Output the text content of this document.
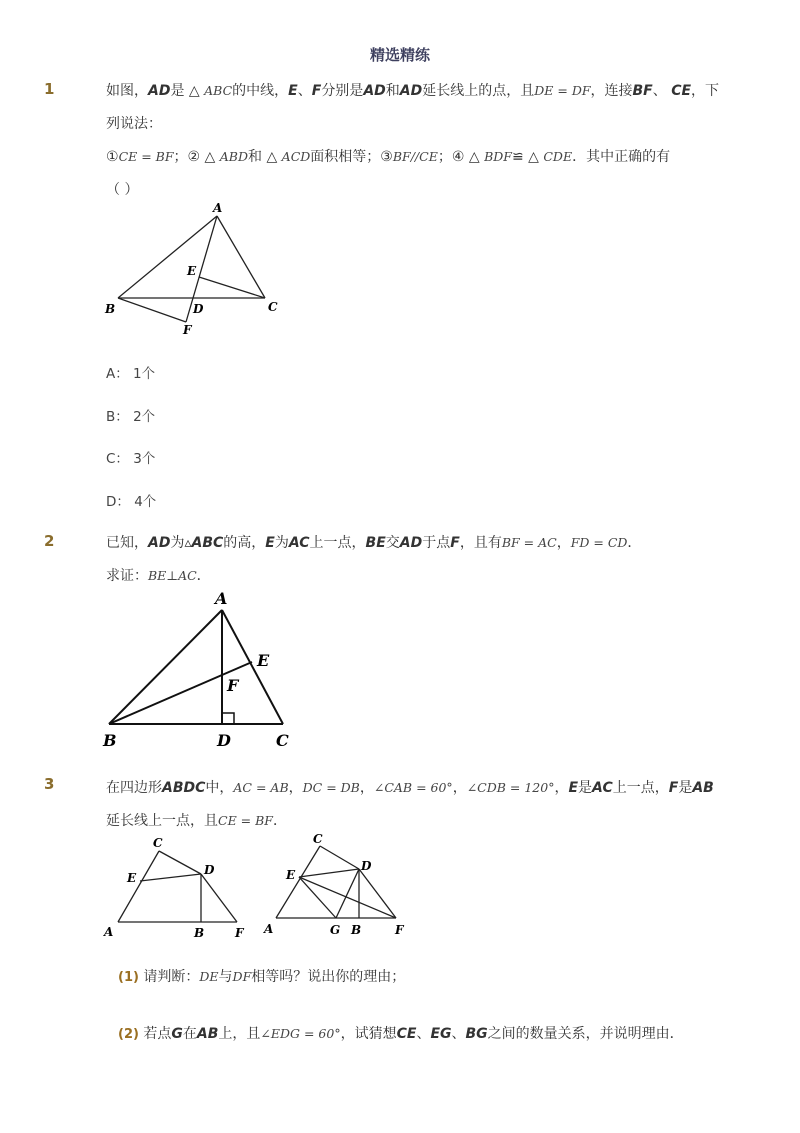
精选精练
1	如图，AD是 △ ABC的中线，E、F分别是AD和AD延长线上的点，且DE = DF，连接BF、 CE，下
列说法：
①CE = BF；② △ ABD和 △ ACD面积相等；③BF//CE；④ △ BDF≌ △ CDE．其中正确的有
（ ）
A
B	C
D
E
F
A： 1个
B： 2个
C： 3个
D： 4个
2	已知，AD为▵ABC的高，E为AC上一点，BE交AD于点F，且有BF = AC，FD = CD．
求证：BE⊥AC．
A
B	C
D
E
F
3	在四边形ABDC中，AC = AB，DC = DB，∠CAB = 60°，∠CDB = 120°，E是AC上一点，F是AB
延长线上一点，且CE = BF．
A	B
C
D
E
F A	B
C
D
E
F
G
(1) 请判断：DE与DF相等吗？说出你的理由；
(2) 若点G在AB上，且∠EDG = 60°，试猜想CE、EG、BG之间的数量关系，并说明理由．
